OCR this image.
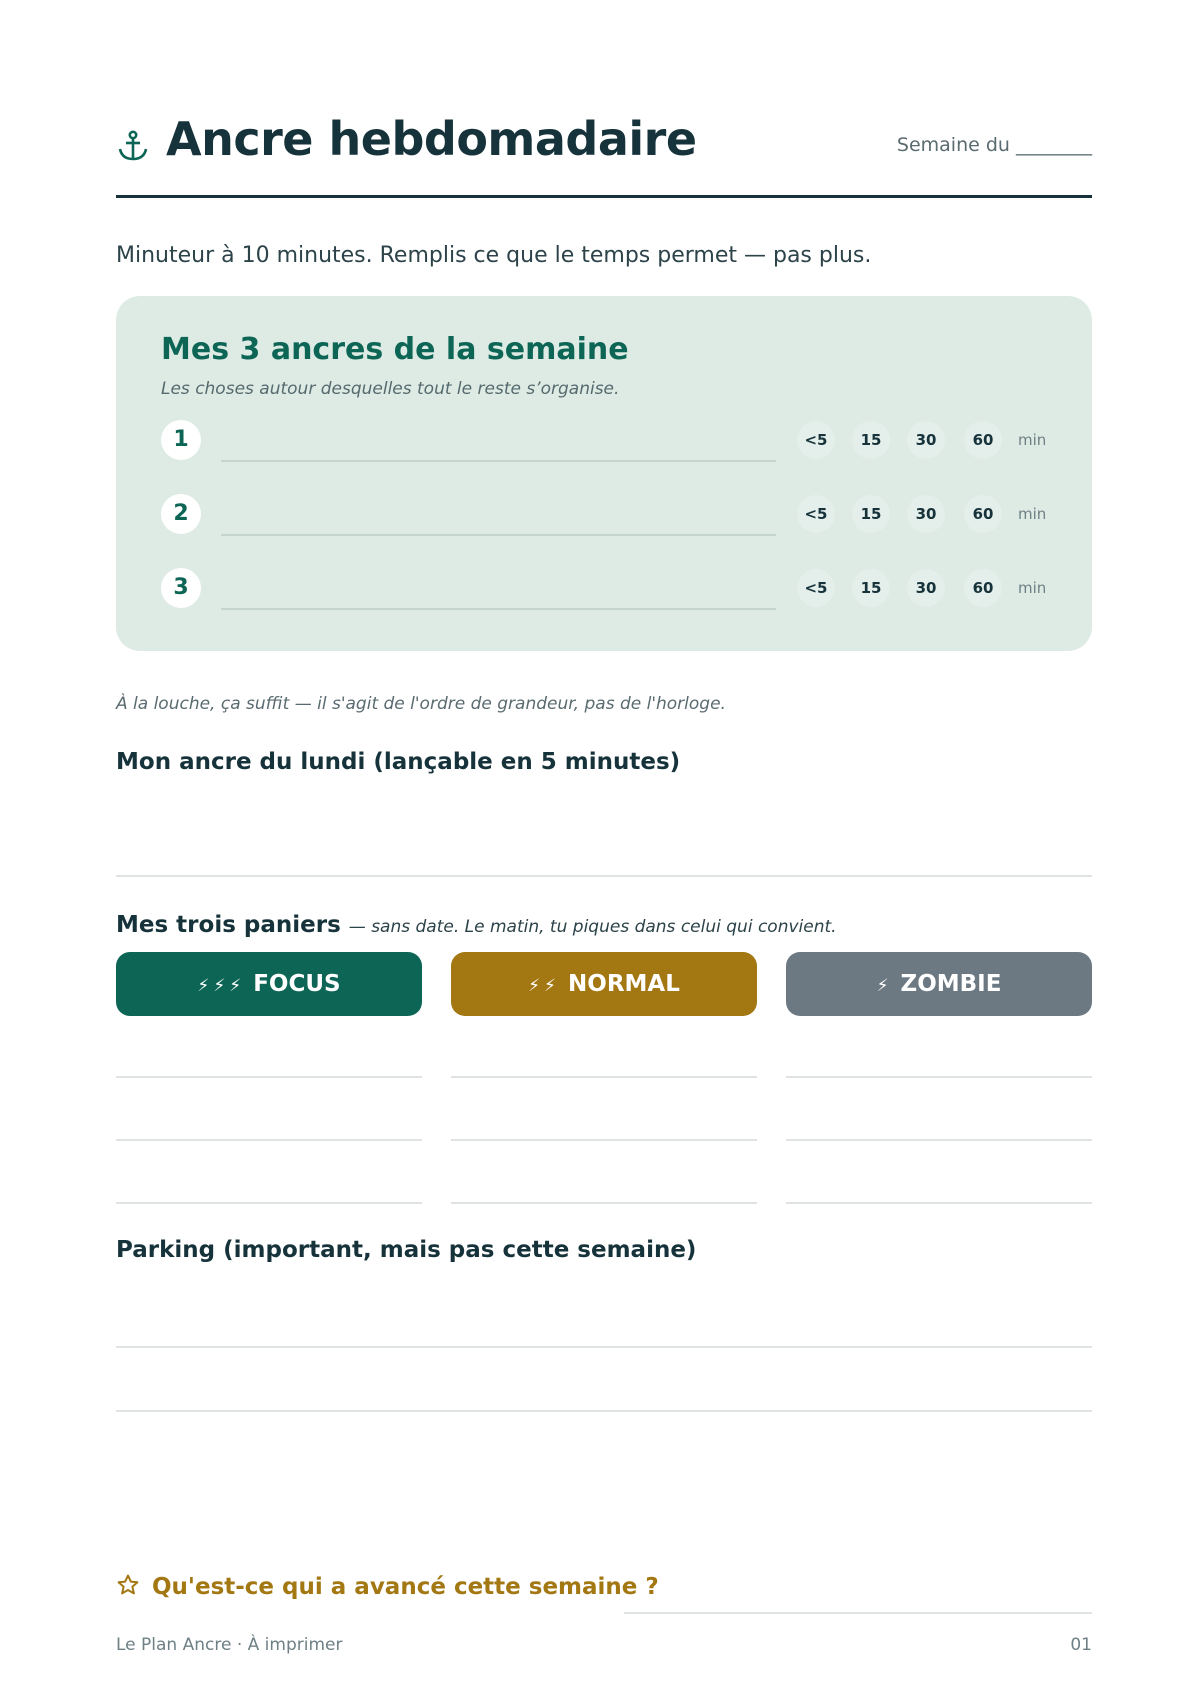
Ancre hebdomadaire	Semaine du ________
Minuteur à 10 minutes. Remplis ce que le temps permet — pas plus.
Mes 3 ancres de la semaine
Les choses autour desquelles tout le reste s’organise.
1	<5	15	30	60	min
2	<5	15	30	60	min
3	<5	15	30	60	min
À la louche, ça suffit — il s'agit de l'ordre de grandeur, pas de l'horloge.
Mon ancre du lundi (lançable en 5 minutes)
Mes trois paniers — sans date. Le matin, tu piques dans celui qui convient.
⚡⚡⚡ FOCUS	⚡⚡ NORMAL	⚡ ZOMBIE
Parking (important, mais pas cette semaine)
Qu'est-ce qui a avancé cette semaine ?
Le Plan Ancre · À imprimer	01
